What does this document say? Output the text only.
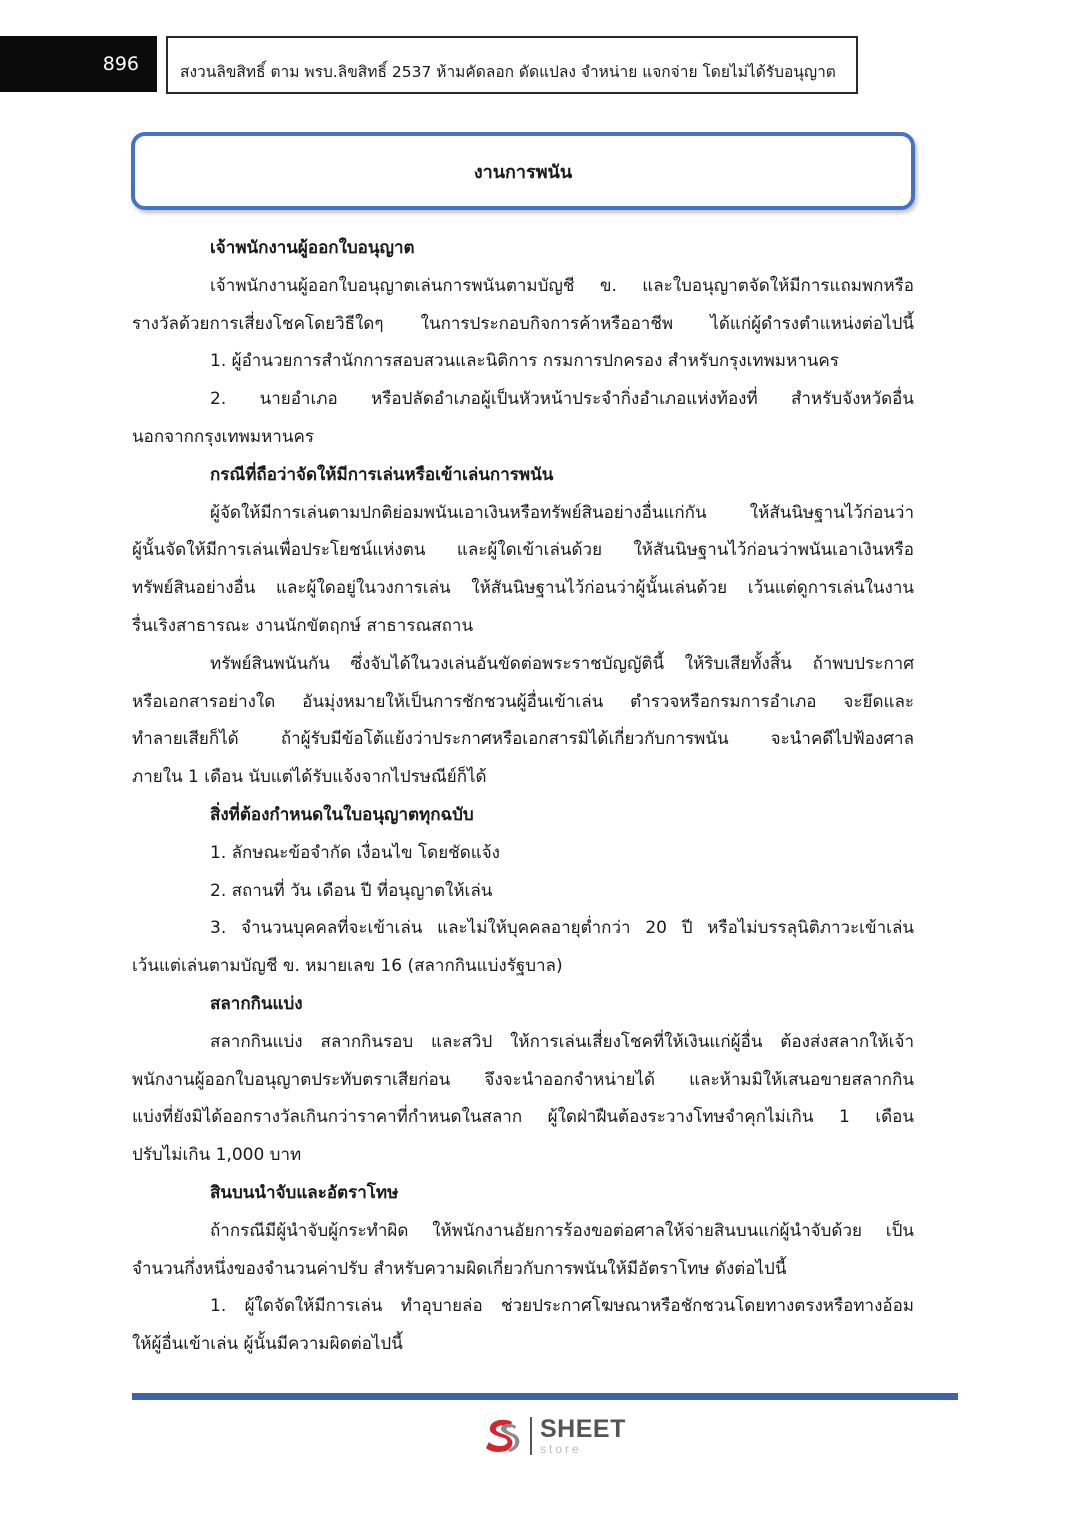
896	สงวนลิขสิทธิ์ ตาม พรบ.ลิขสิทธิ์ 2537 ห้ามคัดลอก ดัดแปลง จำหน่าย แจกจ่าย โดยไม่ได้รับอนุญาต
งานการพนัน

เจ้าพนักงานผู้ออกใบอนุญาต

เจ้าพนักงานผู้ออกใบอนุญาตเล่นการพนันตามบัญชี ข. และใบอนุญาตจัดให้มีการแถมพกหรือ

รางวัลด้วยการเสี่ยงโชคโดยวิธีใดๆ ในการประกอบกิจการค้าหรืออาชีพ ได้แก่ผู้ดำรงตำแหน่งต่อไปนี้

1. ผู้อำนวยการสำนักการสอบสวนและนิติการ กรมการปกครอง สำหรับกรุงเทพมหานคร

2. นายอำเภอ หรือปลัดอำเภอผู้เป็นหัวหน้าประจำกิ่งอำเภอแห่งท้องที่ สำหรับจังหวัดอื่น

นอกจากกรุงเทพมหานคร

กรณีที่ถือว่าจัดให้มีการเล่นหรือเข้าเล่นการพนัน

ผู้จัดให้มีการเล่นตามปกติย่อมพนันเอาเงินหรือทรัพย์สินอย่างอื่นแก่กัน ให้สันนิษฐานไว้ก่อนว่า

ผู้นั้นจัดให้มีการเล่นเพื่อประโยชน์แห่งตน และผู้ใดเข้าเล่นด้วย ให้สันนิษฐานไว้ก่อนว่าพนันเอาเงินหรือ

ทรัพย์สินอย่างอื่น และผู้ใดอยู่ในวงการเล่น ให้สันนิษฐานไว้ก่อนว่าผู้นั้นเล่นด้วย เว้นแต่ดูการเล่นในงาน

รื่นเริงสาธารณะ งานนักขัตฤกษ์ สาธารณสถาน

ทรัพย์สินพนันกัน ซึ่งจับได้ในวงเล่นอันขัดต่อพระราชบัญญัตินี้ ให้ริบเสียทั้งสิ้น ถ้าพบประกาศ

หรือเอกสารอย่างใด อันมุ่งหมายให้เป็นการชักชวนผู้อื่นเข้าเล่น ตำรวจหรือกรมการอำเภอ จะยึดและ

ทำลายเสียก็ได้ ถ้าผู้รับมีข้อโต้แย้งว่าประกาศหรือเอกสารมิได้เกี่ยวกับการพนัน จะนำคดีไปฟ้องศาล

ภายใน 1 เดือน นับแต่ได้รับแจ้งจากไปรษณีย์ก็ได้

สิ่งที่ต้องกำหนดในใบอนุญาตทุกฉบับ

1. ลักษณะข้อจำกัด เงื่อนไข โดยชัดแจ้ง

2. สถานที่ วัน เดือน ปี ที่อนุญาตให้เล่น

3. จำนวนบุคคลที่จะเข้าเล่น และไม่ให้บุคคลอายุต่ำกว่า 20 ปี หรือไม่บรรลุนิติภาวะเข้าเล่น

เว้นแต่เล่นตามบัญชี ข. หมายเลข 16 (สลากกินแบ่งรัฐบาล)

สลากกินแบ่ง

สลากกินแบ่ง สลากกินรอบ และสวิป ให้การเล่นเสี่ยงโชคที่ให้เงินแก่ผู้อื่น ต้องส่งสลากให้เจ้า

พนักงานผู้ออกใบอนุญาตประทับตราเสียก่อน จึงจะนำออกจำหน่ายได้ และห้ามมิให้เสนอขายสลากกิน

แบ่งที่ยังมิได้ออกรางวัลเกินกว่าราคาที่กำหนดในสลาก ผู้ใดฝ่าฝืนต้องระวางโทษจำคุกไม่เกิน 1 เดือน

ปรับไม่เกิน 1,000 บาท

สินบนนำจับและอัตราโทษ

ถ้ากรณีมีผู้นำจับผู้กระทำผิด ให้พนักงานอัยการร้องขอต่อศาลให้จ่ายสินบนแก่ผู้นำจับด้วย เป็น

จำนวนกึ่งหนึ่งของจำนวนค่าปรับ สำหรับความผิดเกี่ยวกับการพนันให้มีอัตราโทษ ดังต่อไปนี้

1. ผู้ใดจัดให้มีการเล่น ทำอุบายล่อ ช่วยประกาศโฆษณาหรือชักชวนโดยทางตรงหรือทางอ้อม

ให้ผู้อื่นเข้าเล่น ผู้นั้นมีความผิดต่อไปนี้

SHEET
store
